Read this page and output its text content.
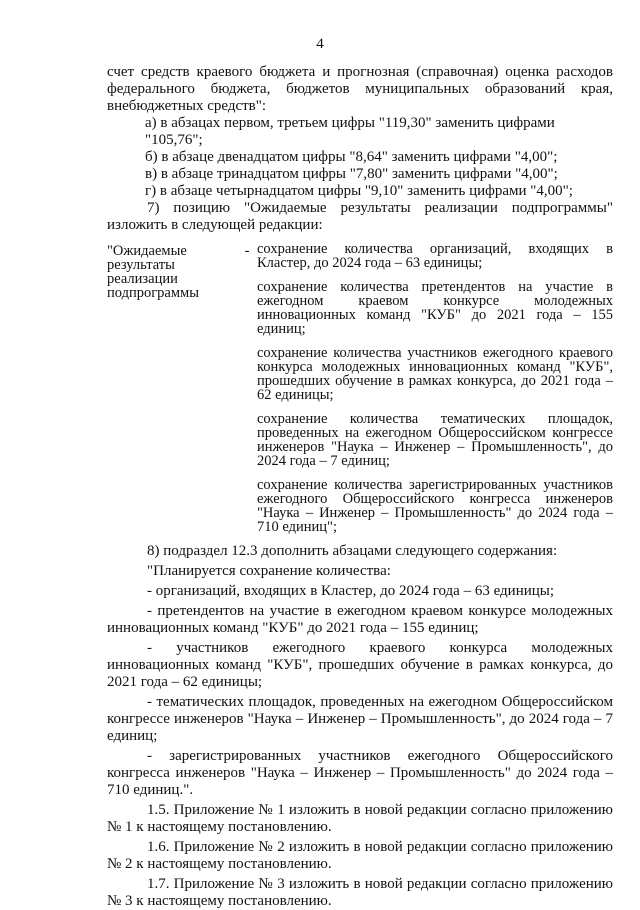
4

счет средств краевого бюджета и прогнозная (справочная) оценка расходов федерального бюджета, бюджетов муниципальных образований края, внебюджетных средств":

а) в абзацах первом, третьем цифры "119,30" заменить цифрами "105,76";

б) в абзаце двенадцатом цифры "8,64" заменить цифрами "4,00";

в) в абзаце тринадцатом цифры "7,80" заменить цифрами "4,00";

г) в абзаце четырнадцатом цифры "9,10" заменить цифрами "4,00";

7) позицию "Ожидаемые результаты реализации подпрограммы" изложить в следующей редакции:

"Ожидаемые
результаты
реализации
подпрограммы
- сохранение количества организаций, входящих в Кластер, до 2024 года – 63 единицы;

сохранение количества претендентов на участие в ежегодном краевом конкурсе молодежных инновационных команд "КУБ" до 2021 года – 155 единиц;

сохранение количества участников ежегодного краевого конкурса молодежных инновационных команд "КУБ", прошедших обучение в рамках конкурса, до 2021 года – 62 единицы;

сохранение количества тематических площадок, проведенных на ежегодном Общероссийском конгрессе инженеров "Наука – Инженер – Промышленность", до 2024 года – 7 единиц;

сохранение количества зарегистрированных участников ежегодного Общероссийского конгресса инженеров "Наука – Инженер – Промышленность" до 2024 года – 710 единиц";

8) подраздел 12.3 дополнить абзацами следующего содержания:

"Планируется сохранение количества:

- организаций, входящих в Кластер, до 2024 года – 63 единицы;

- претендентов на участие в ежегодном краевом конкурсе молодежных инновационных команд "КУБ" до 2021 года – 155 единиц;

- участников ежегодного краевого конкурса молодежных инновационных команд "КУБ", прошедших обучение в рамках конкурса, до 2021 года – 62 единицы;

- тематических площадок, проведенных на ежегодном Общероссийском конгрессе инженеров "Наука – Инженер – Промышленность", до 2024 года – 7 единиц;

- зарегистрированных участников ежегодного Общероссийского конгресса инженеров "Наука – Инженер – Промышленность" до 2024 года – 710 единиц.".

1.5. Приложение № 1 изложить в новой редакции согласно приложению № 1 к настоящему постановлению.

1.6. Приложение № 2 изложить в новой редакции согласно приложению № 2 к настоящему постановлению.

1.7. Приложение № 3 изложить в новой редакции согласно приложению № 3 к настоящему постановлению.
